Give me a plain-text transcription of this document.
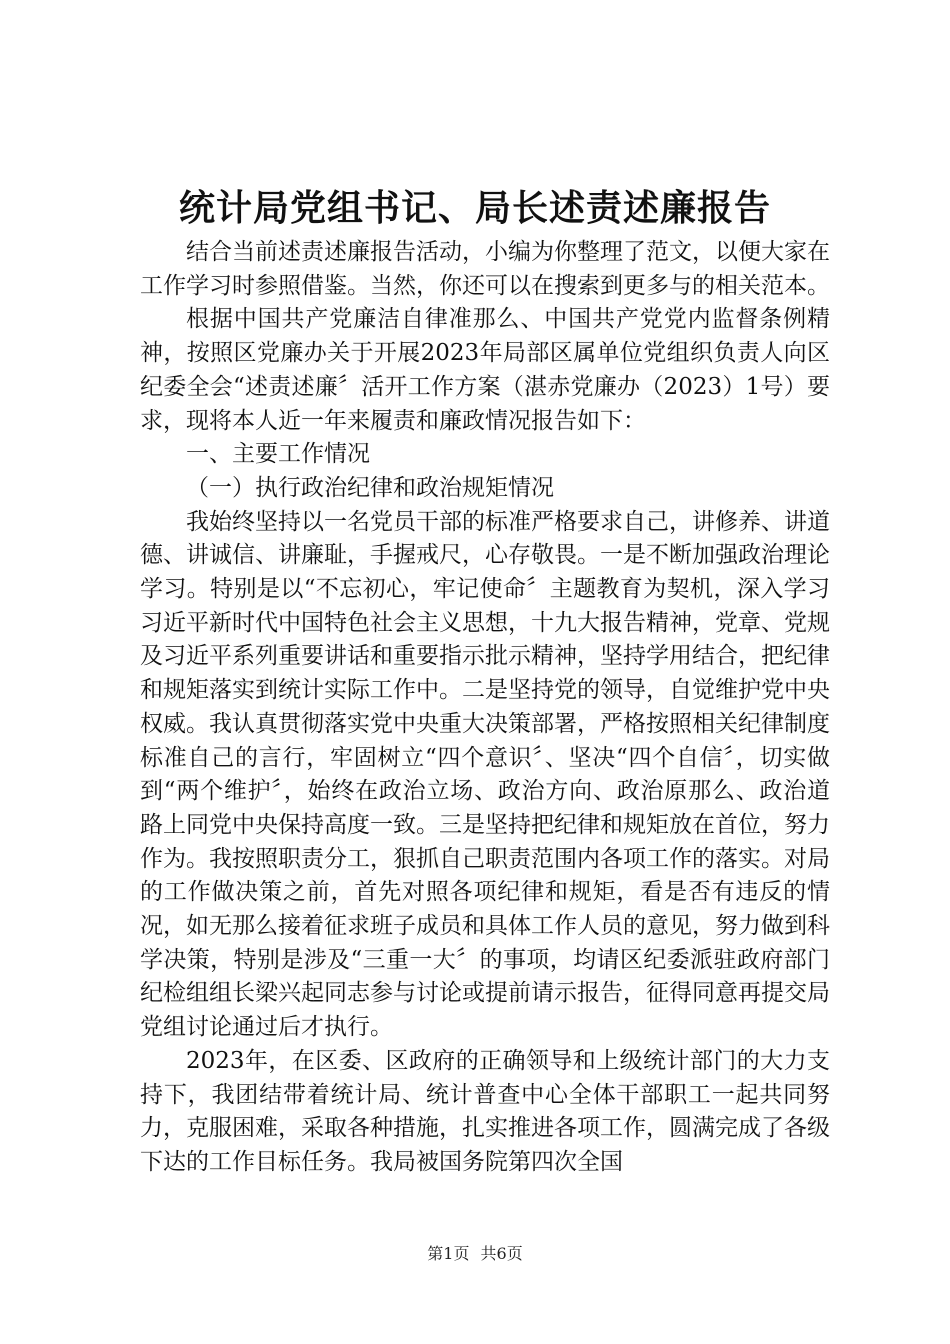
统计局党组书记、局长述责述廉报告

结合当前述责述廉报告活动，小编为你整理了范文，以便大家在工作学习时参照借鉴。当然，你还可以在搜索到更多与的相关范本。

根据中国共产党廉洁自律准那么、中国共产党党内监督条例精神，按照区党廉办关于开展2023年局部区属单位党组织负责人向区纪委全会“述责述廉〞活开工作方案（湛赤党廉办（2023）1号）要求，现将本人近一年来履责和廉政情况报告如下：

一、主要工作情况

（一）执行政治纪律和政治规矩情况

我始终坚持以一名党员干部的标准严格要求自己，讲修养、讲道德、讲诚信、讲廉耻，手握戒尺，心存敬畏。一是不断加强政治理论学习。特别是以“不忘初心，牢记使命〞主题教育为契机，深入学习习近平新时代中国特色社会主义思想，十九大报告精神，党章、党规及习近平系列重要讲话和重要指示批示精神，坚持学用结合，把纪律和规矩落实到统计实际工作中。二是坚持党的领导，自觉维护党中央权威。我认真贯彻落实党中央重大决策部署，严格按照相关纪律制度标准自己的言行，牢固树立“四个意识〞、坚决“四个自信〞，切实做到“两个维护〞，始终在政治立场、政治方向、政治原那么、政治道路上同党中央保持高度一致。三是坚持把纪律和规矩放在首位，努力作为。我按照职责分工，狠抓自己职责范围内各项工作的落实。对局的工作做决策之前，首先对照各项纪律和规矩，看是否有违反的情况，如无那么接着征求班子成员和具体工作人员的意见，努力做到科学决策，特别是涉及“三重一大〞的事项，均请区纪委派驻政府部门纪检组组长梁兴起同志参与讨论或提前请示报告，征得同意再提交局党组讨论通过后才执行。

2023年，在区委、区政府的正确领导和上级统计部门的大力支持下，我团结带着统计局、统计普查中心全体干部职工一起共同努力，克服困难，采取各种措施，扎实推进各项工作，圆满完成了各级下达的工作目标任务。我局被国务院第四次全国

第1页 共6页
